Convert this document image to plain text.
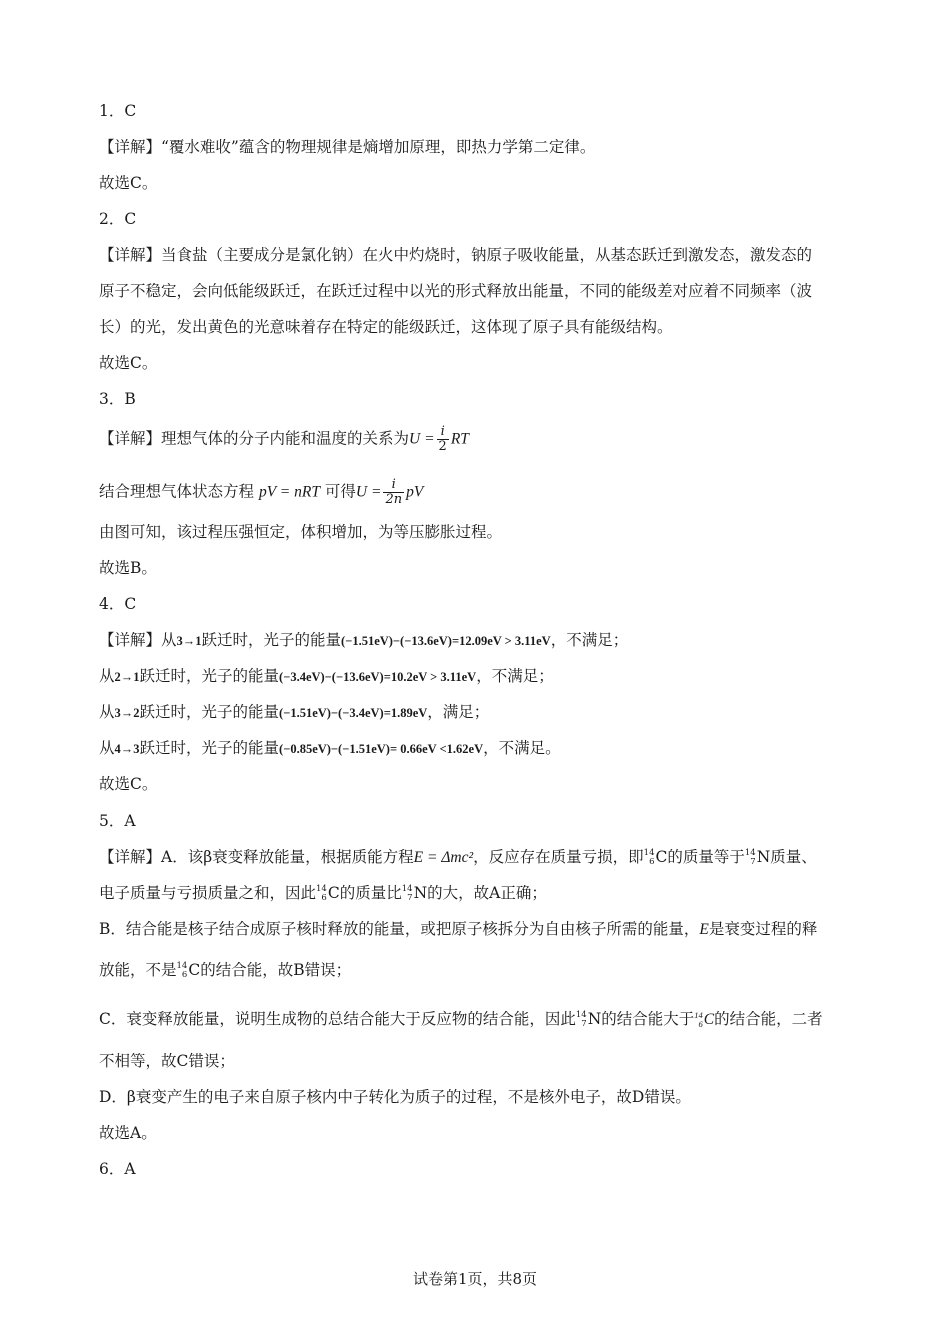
1．C
【详解】“覆水难收”蕴含的物理规律是熵增加原理，即热力学第二定律。
故选C。
2．C
【详解】当食盐（主要成分是氯化钠）在火中灼烧时，钠原子吸收能量，从基态跃迁到激发态，激发态的
原子不稳定，会向低能级跃迁，在跃迁过程中以光的形式释放出能量，不同的能级差对应着不同频率（波
长）的光，发出黄色的光意味着存在特定的能级跃迁，这体现了原子具有能级结构。
故选C。
3．B
【详解】理想气体的分子内能和温度的关系为$U = \frac{i}{2}$ RT
结合理想气体状态方程 pV = nRT 可得$U = \frac{i}{2n}$ pV
由图可知，该过程压强恒定，体积增加，为等压膨胀过程。
故选B。
4．C
【详解】从3→1跃迁时，光子的能量(−1.51eV)−(−13.6eV)=12.09eV > 3.11eV，不满足；
从2→1跃迁时，光子的能量(−3.4eV)−(−13.6eV)=10.2eV > 3.11eV，不满足；
从3→2跃迁时，光子的能量(−1.51eV)−(−3.4eV)=1.89eV，满足；
从4→3跃迁时，光子的能量(−0.85eV)−(−1.51eV)= 0.66eV <1.62eV，不满足。
故选C。
5．A
【详解】A．该β衰变释放能量，根据质能方程E = Δmc²，反应存在质量亏损，即 14
6 C的质量等于 14
7 N质量、
电子质量与亏损质量之和，因此 14
6 C的质量比 14
7 N的大，故A正确；
B．结合能是核子结合成原子核时释放的能量，或把原子核拆分为自由核子所需的能量，E是衰变过程的释
放能，不是 14
6 C的结合能，故B错误；
C．衰变释放能量，说明生成物的总结合能大于反应物的结合能，因此 14
7 N的结合能大于 14
6 C的结合能，二者
不相等，故C错误；
D．β衰变产生的电子来自原子核内中子转化为质子的过程，不是核外电子，故D错误。
故选A。
6．A
试卷第1页，共8页
